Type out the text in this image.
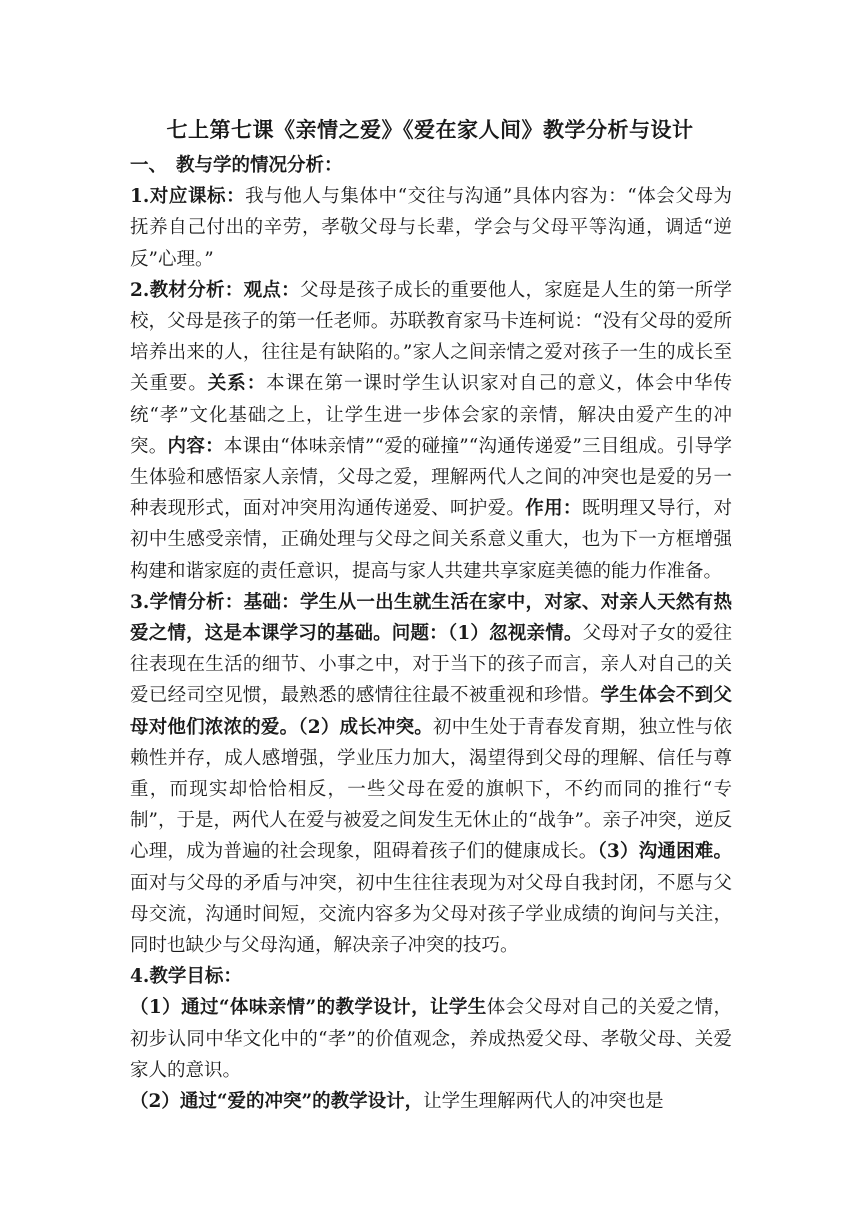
七上第七课《亲情之爱》《爱在家人间》教学分析与设计

一、 教与学的情况分析：

1.对应课标：我与他人与集体中“交往与沟通”具体内容为：“体会父母为抚养自己付出的辛劳，孝敬父母与长辈，学会与父母平等沟通，调适“逆反”心理。”

2.教材分析：观点：父母是孩子成长的重要他人，家庭是人生的第一所学校，父母是孩子的第一任老师。苏联教育家马卡连柯说：“没有父母的爱所培养出来的人，往往是有缺陷的。”家人之间亲情之爱对孩子一生的成长至关重要。关系：本课在第一课时学生认识家对自己的意义，体会中华传统“孝”文化基础之上，让学生进一步体会家的亲情，解决由爱产生的冲突。内容：本课由“体味亲情”“爱的碰撞”“沟通传递爱”三目组成。引导学生体验和感悟家人亲情，父母之爱，理解两代人之间的冲突也是爱的另一种表现形式，面对冲突用沟通传递爱、呵护爱。作用：既明理又导行，对初中生感受亲情，正确处理与父母之间关系意义重大，也为下一方框增强构建和谐家庭的责任意识，提高与家人共建共享家庭美德的能力作准备。

3.学情分析：基础：学生从一出生就生活在家中，对家、对亲人天然有热爱之情，这是本课学习的基础。问题：（1）忽视亲情。父母对子女的爱往往表现在生活的细节、小事之中，对于当下的孩子而言，亲人对自己的关爱已经司空见惯，最熟悉的感情往往最不被重视和珍惜。学生体会不到父母对他们浓浓的爱。（2）成长冲突。初中生处于青春发育期，独立性与依赖性并存，成人感增强，学业压力加大，渴望得到父母的理解、信任与尊重，而现实却恰恰相反，一些父母在爱的旗帜下，不约而同的推行“专制”，于是，两代人在爱与被爱之间发生无休止的“战争”。亲子冲突，逆反心理，成为普遍的社会现象，阻碍着孩子们的健康成长。（3）沟通困难。面对与父母的矛盾与冲突，初中生往往表现为对父母自我封闭，不愿与父母交流，沟通时间短，交流内容多为父母对孩子学业成绩的询问与关注，同时也缺少与父母沟通，解决亲子冲突的技巧。

4.教学目标：

（1）通过“体味亲情”的教学设计，让学生体会父母对自己的关爱之情，初步认同中华文化中的“孝”的价值观念，养成热爱父母、孝敬父母、关爱家人的意识。

（2）通过“爱的冲突”的教学设计，让学生理解两代人的冲突也是
